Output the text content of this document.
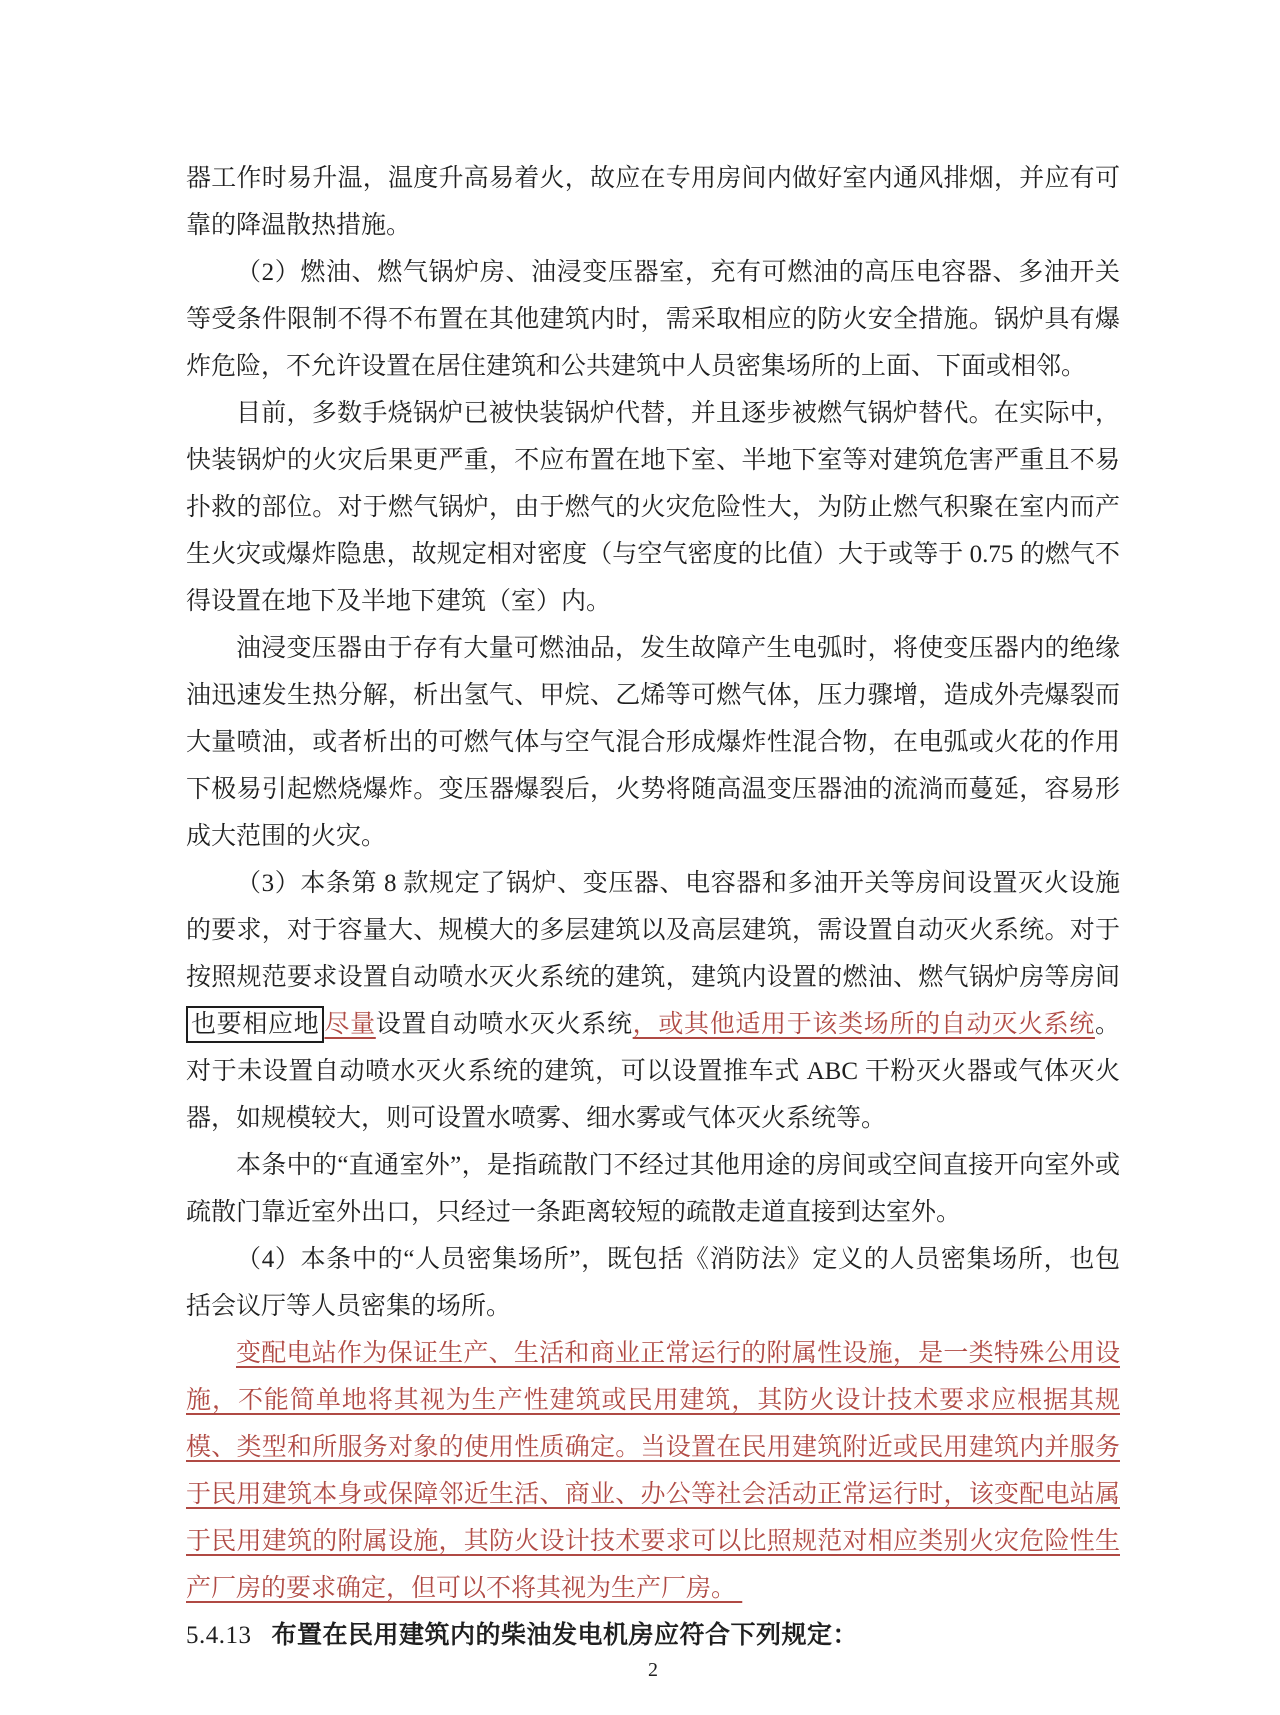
器工作时易升温，温度升高易着火，故应在专用房间内做好室内通风排烟，并应有可靠的降温散热措施。

（2）燃油、燃气锅炉房、油浸变压器室，充有可燃油的高压电容器、多油开关等受条件限制不得不布置在其他建筑内时，需采取相应的防火安全措施。锅炉具有爆炸危险，不允许设置在居住建筑和公共建筑中人员密集场所的上面、下面或相邻。

目前，多数手烧锅炉已被快装锅炉代替，并且逐步被燃气锅炉替代。在实际中，快装锅炉的火灾后果更严重，不应布置在地下室、半地下室等对建筑危害严重且不易扑救的部位。对于燃气锅炉，由于燃气的火灾危险性大，为防止燃气积聚在室内而产生火灾或爆炸隐患，故规定相对密度（与空气密度的比值）大于或等于 0.75 的燃气不得设置在地下及半地下建筑（室）内。

油浸变压器由于存有大量可燃油品，发生故障产生电弧时，将使变压器内的绝缘油迅速发生热分解，析出氢气、甲烷、乙烯等可燃气体，压力骤增，造成外壳爆裂而大量喷油，或者析出的可燃气体与空气混合形成爆炸性混合物，在电弧或火花的作用下极易引起燃烧爆炸。变压器爆裂后，火势将随高温变压器油的流淌而蔓延，容易形成大范围的火灾。

（3）本条第 8 款规定了锅炉、变压器、电容器和多油开关等房间设置灭火设施的要求，对于容量大、规模大的多层建筑以及高层建筑，需设置自动灭火系统。对于按照规范要求设置自动喷水灭火系统的建筑，建筑内设置的燃油、燃气锅炉房等房间也要相应地 尽量设置自动喷水灭火系统，或其他适用于该类场所的自动灭火系统。对于未设置自动喷水灭火系统的建筑，可以设置推车式 ABC 干粉灭火器或气体灭火器，如规模较大，则可设置水喷雾、细水雾或气体灭火系统等。

本条中的“直通室外”，是指疏散门不经过其他用途的房间或空间直接开向室外或疏散门靠近室外出口，只经过一条距离较短的疏散走道直接到达室外。

（4）本条中的“人员密集场所”，既包括《消防法》定义的人员密集场所，也包括会议厅等人员密集的场所。

变配电站作为保证生产、生活和商业正常运行的附属性设施，是一类特殊公用设施，不能简单地将其视为生产性建筑或民用建筑，其防火设计技术要求应根据其规模、类型和所服务对象的使用性质确定。当设置在民用建筑附近或民用建筑内并服务于民用建筑本身或保障邻近生活、商业、办公等社会活动正常运行时，该变配电站属于民用建筑的附属设施，其防火设计技术要求可以比照规范对相应类别火灾危险性生产厂房的要求确定，但可以不将其视为生产厂房。

5.4.13 布置在民用建筑内的柴油发电机房应符合下列规定：

2
